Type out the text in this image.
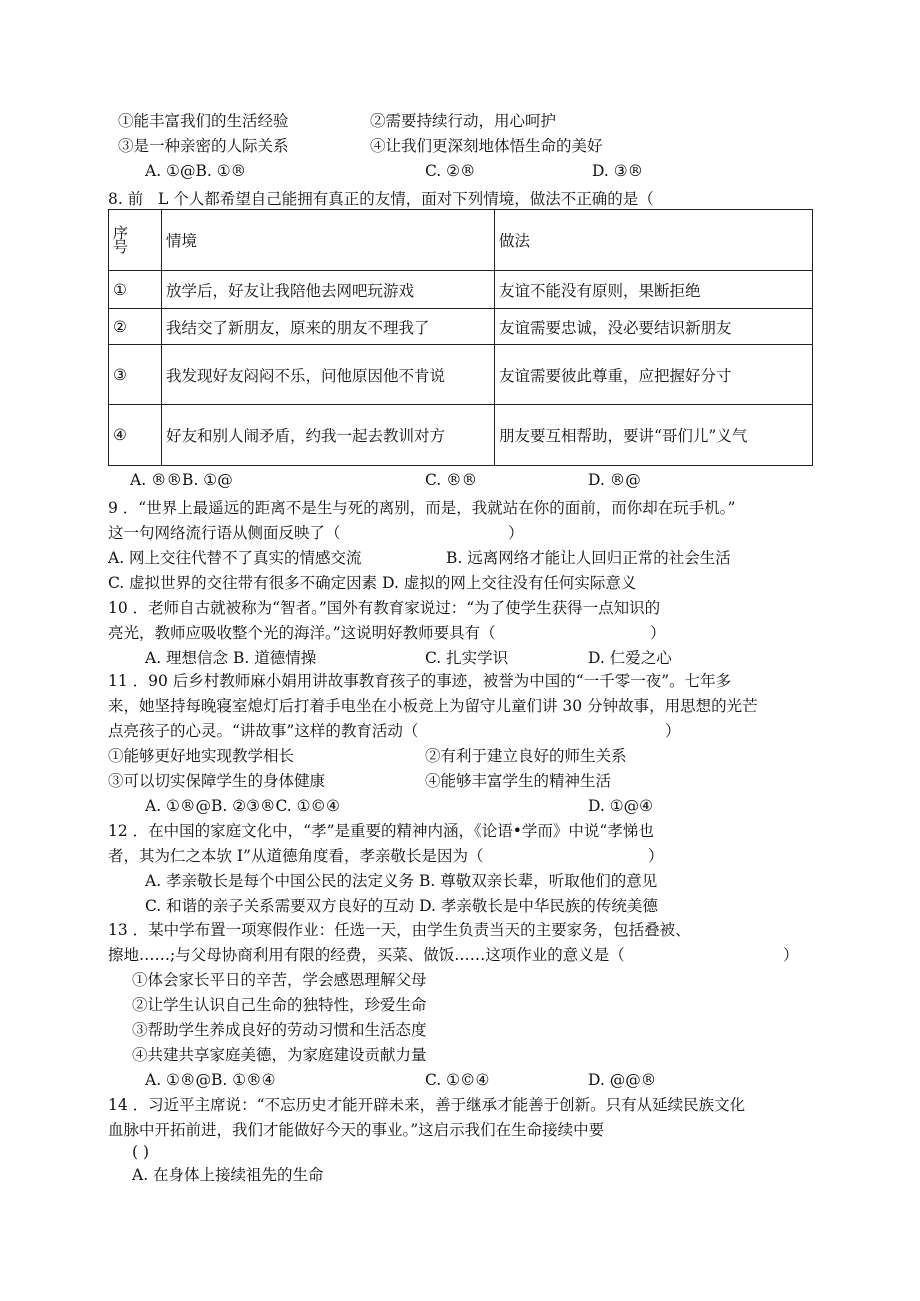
①能丰富我们的生活经验	②需要持续行动，用心呵护
③是一种亲密的人际关系	④让我们更深刻地体悟生命的美好
A. ①@B. ①®	C. ②®	D. ③®
8. 前 L 个人都希望自己能拥有真正的友情，面对下列情境，做法不正确的是（
序号	情境	做法
①	放学后，好友让我陪他去网吧玩游戏	友谊不能没有原则，果断拒绝
②	我结交了新朋友，原来的朋友不理我了	友谊需要忠诚，没必要结识新朋友
③	我发现好友闷闷不乐，问他原因他不肯说	友谊需要彼此尊重，应把握好分寸
④	好友和别人闹矛盾，约我一起去教训对方	朋友要互相帮助，要讲“哥们儿”义气
A. ®®B. ①@	C. ®®	D. ®@
9 ．“世界上最遥远的距离不是生与死的离别，而是，我就站在你的面前，而你却在玩手机。”
这一句网络流行语从侧面反映了（	）
A. 网上交往代替不了真实的情感交流	B. 远离网络才能让人回归正常的社会生活
C. 虚拟世界的交往带有很多不确定因素 D. 虚拟的网上交往没有任何实际意义
10 ．老师自古就被称为“智者。”国外有教育家说过：“为了使学生获得一点知识的
亮光，教师应吸收整个光的海洋。”这说明好教师要具有（	）
A. 理想信念 B. 道德情操	C. 扎实学识	D. 仁爱之心
11 ．90 后乡村教师麻小娟用讲故事教育孩子的事迹，被誉为中国的“一千零一夜”。七年多
来，她坚持每晚寝室熄灯后打着手电坐在小板竞上为留守儿童们讲 30 分钟故事，用思想的光芒
点亮孩子的心灵。“讲故事”这样的教育活动（	）
①能够更好地实现教学相长	②有利于建立良好的师生关系
③可以切实保障学生的身体健康	④能够丰富学生的精神生活
A. ①®@B. ②③®C. ①©④	D. ①@④
12 ．在中国的家庭文化中，“孝”是重要的精神内涵，《论语•学而》中说“孝悌也
者，其为仁之本欤 I”从道德角度看，孝亲敬长是因为（	）
A. 孝亲敬长是每个中国公民的法定义务 B. 尊敬双亲长辈，听取他们的意见
C. 和谐的亲子关系需要双方良好的互动 D. 孝亲敬长是中华民族的传统美德
13 ．某中学布置一项寒假作业：任选一天，由学生负责当天的主要家务，包括叠被、
擦地……;与父母协商利用有限的经费，买菜、做饭……这项作业的意义是（	）
①体会家长平日的辛苦，学会感恩理解父母
②让学生认识自己生命的独特性，珍爱生命
③帮助学生养成良好的劳动习惯和生活态度
④共建共享家庭美德，为家庭建设贡献力量
A. ①®@B. ①®④	C. ①©④	D. @@®
14 ．习近平主席说：“不忘历史才能开辟未来，善于继承才能善于创新。只有从延续民族文化
血脉中开拓前进，我们才能做好今天的事业。”这启示我们在生命接续中要
( )
A. 在身体上接续祖先的生命
